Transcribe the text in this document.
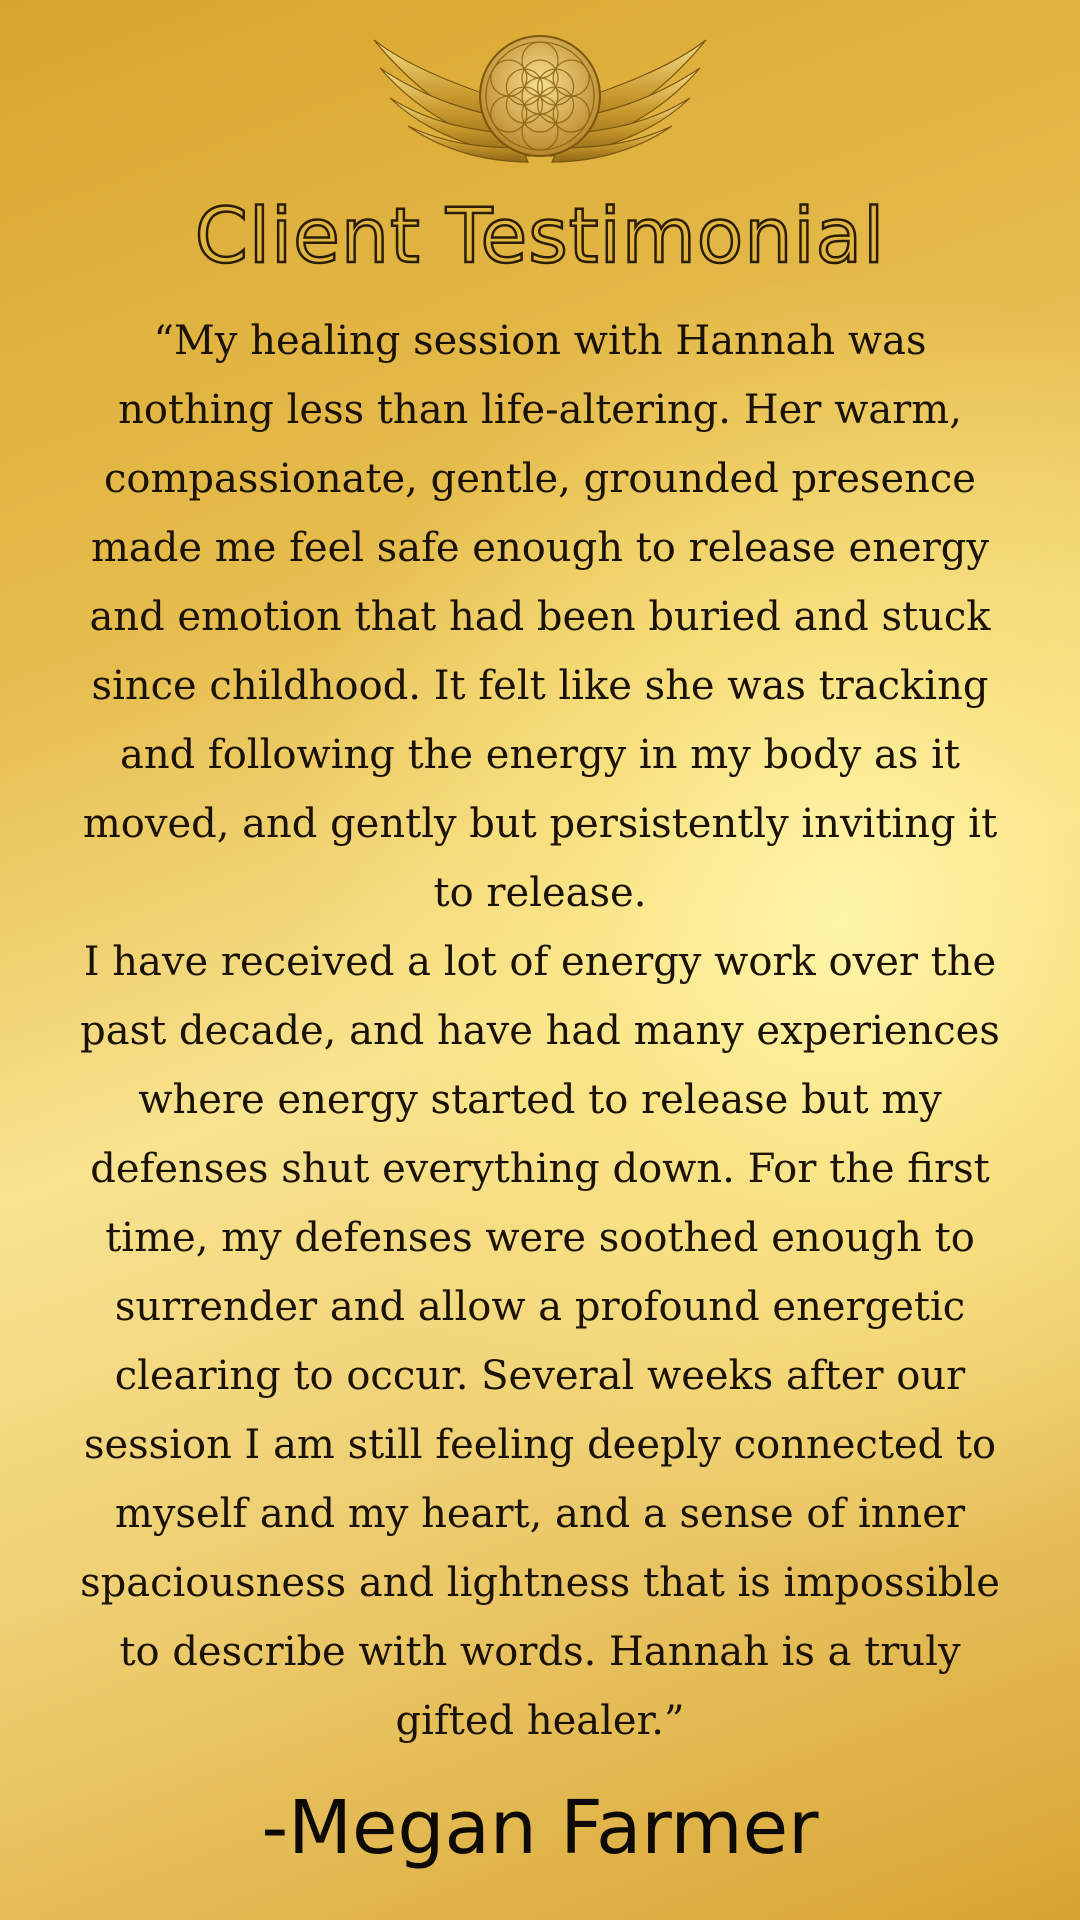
Client Testimonial
“My healing session with Hannah was
nothing less than life-altering. Her warm,
compassionate, gentle, grounded presence
made me feel safe enough to release energy
and emotion that had been buried and stuck
since childhood. It felt like she was tracking
and following the energy in my body as it
moved, and gently but persistently inviting it
to release.
I have received a lot of energy work over the
past decade, and have had many experiences
where energy started to release but my
defenses shut everything down. For the first
time, my defenses were soothed enough to
surrender and allow a profound energetic
clearing to occur. Several weeks after our
session I am still feeling deeply connected to
myself and my heart, and a sense of inner
spaciousness and lightness that is impossible
to describe with words. Hannah is a truly
gifted healer.”
-Megan Farmer
